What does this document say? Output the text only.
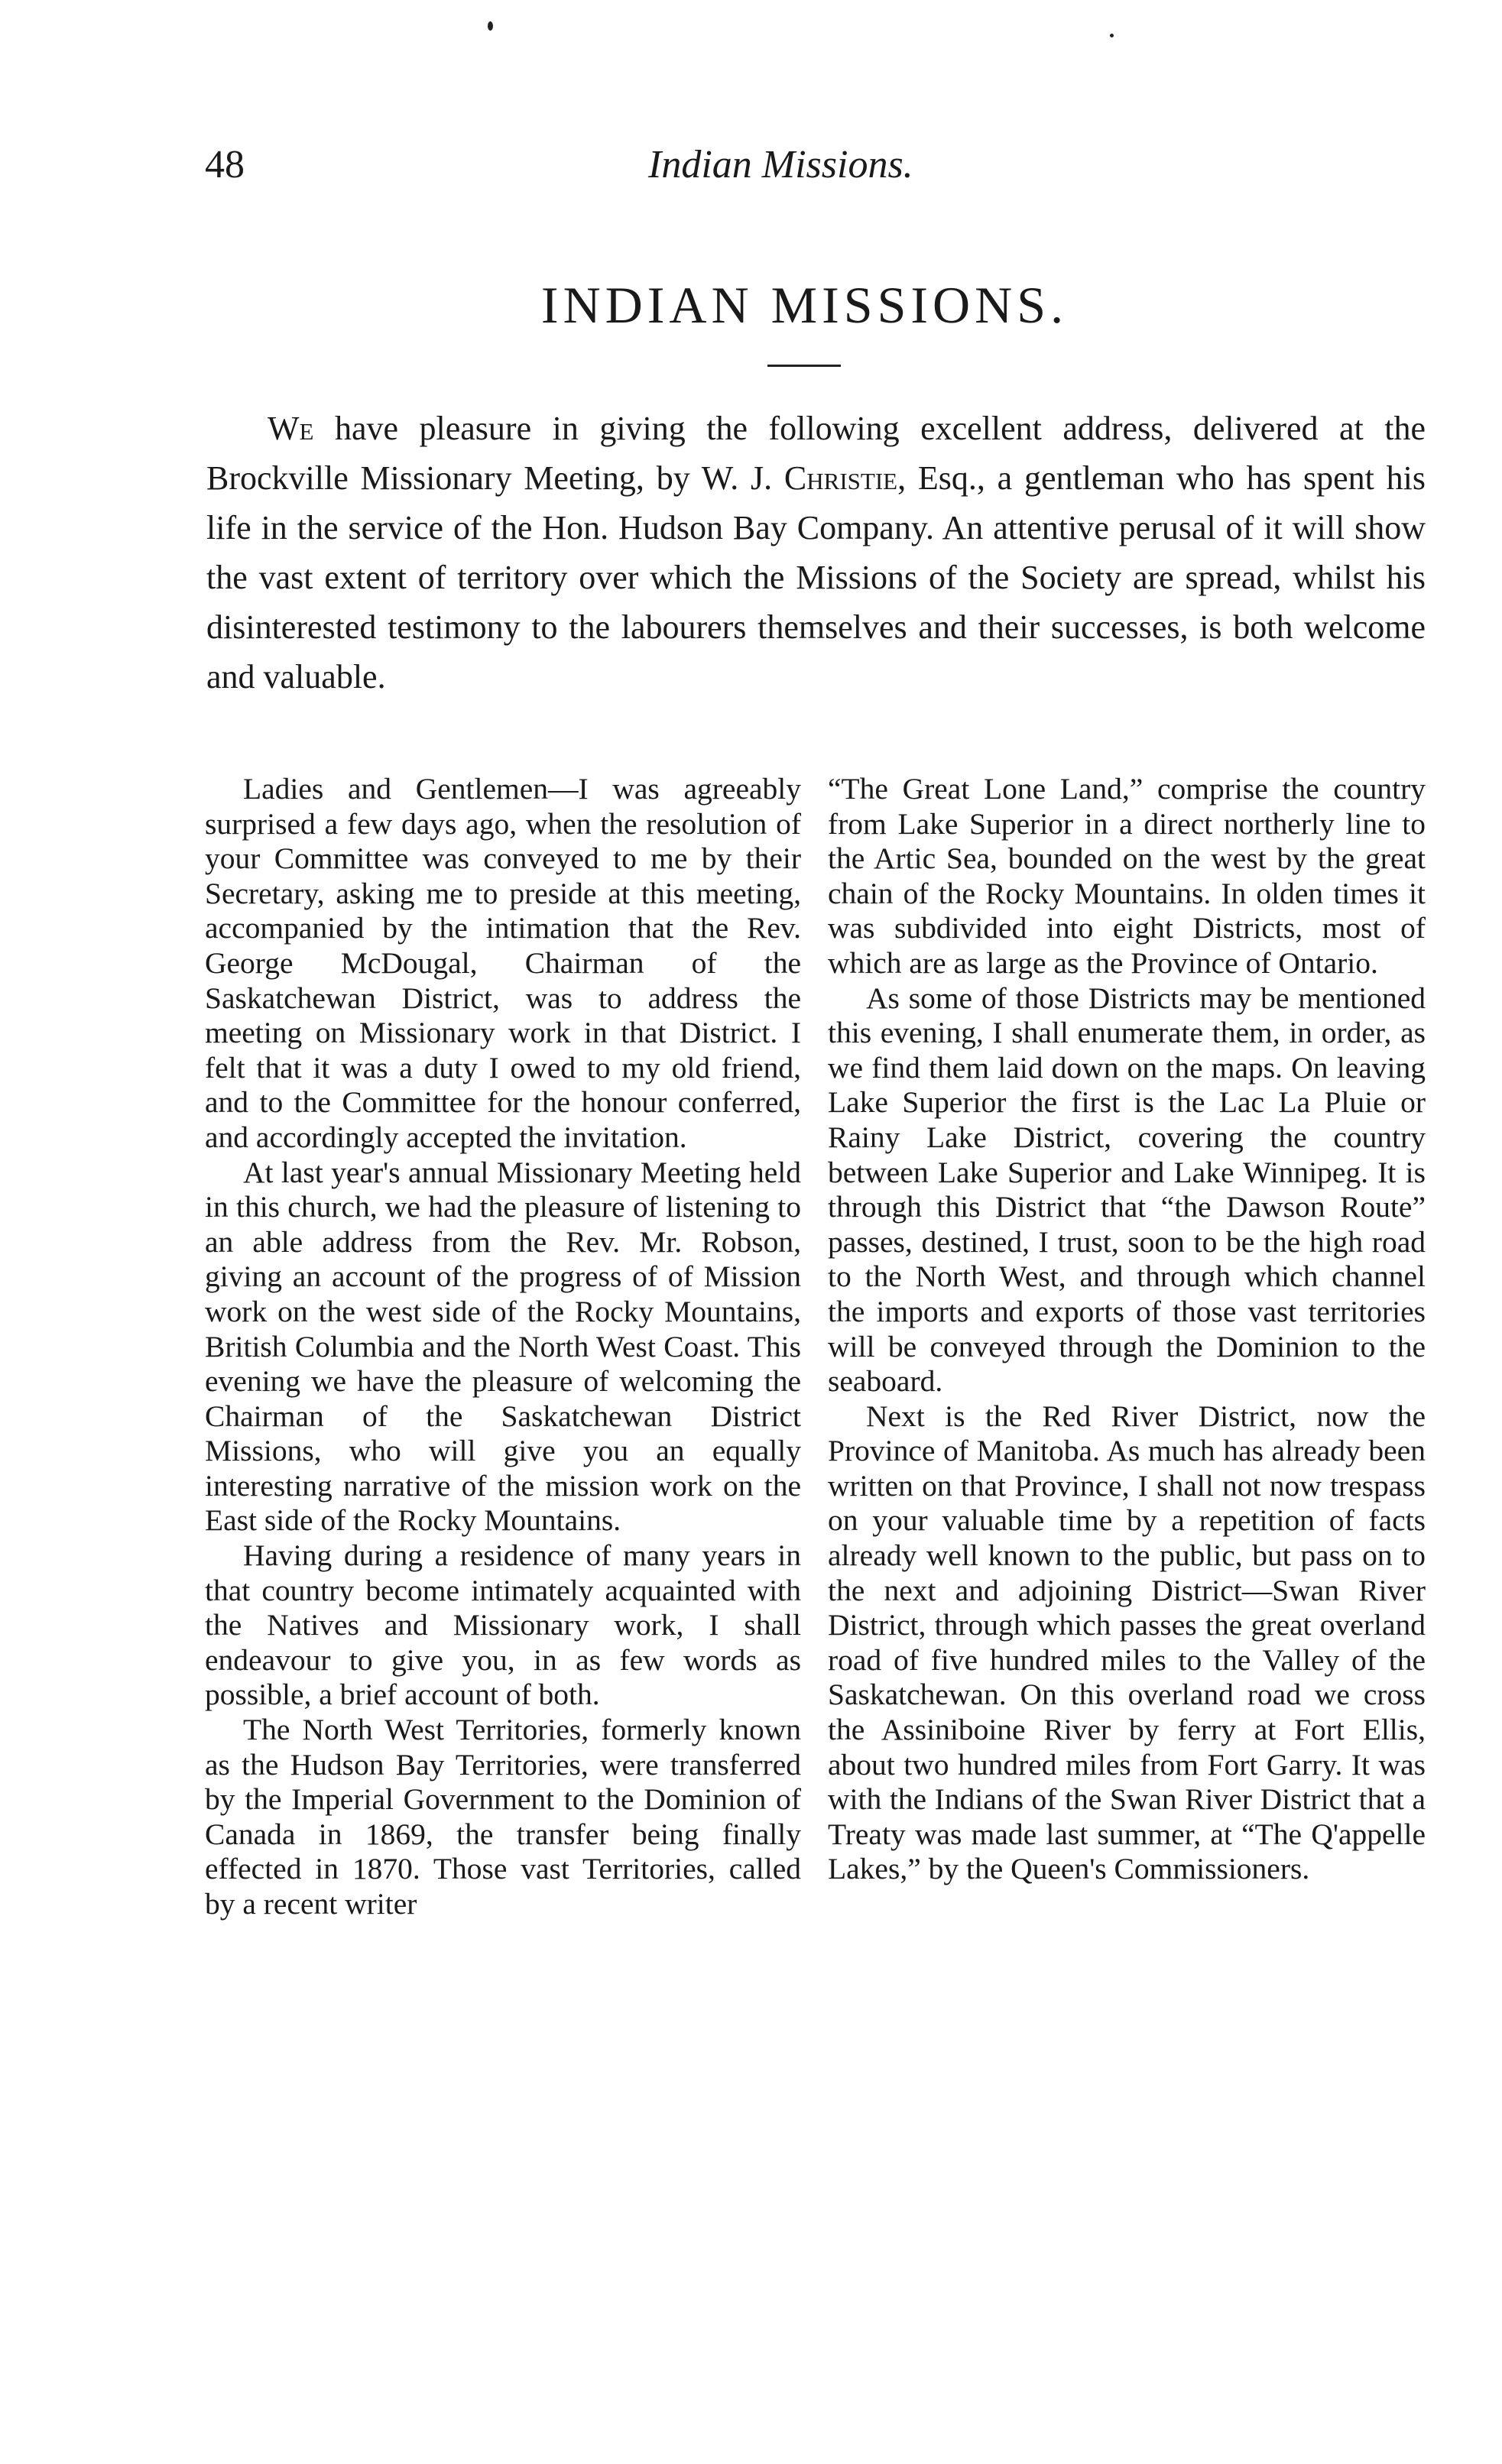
48	Indian Missions.
INDIAN MISSIONS.

We have pleasure in giving the following excellent address, delivered at the Brockville Missionary Meeting, by W. J. Christie, Esq., a gentleman who has spent his life in the service of the Hon. Hudson Bay Company. An attentive perusal of it will show the vast extent of territory over which the Missions of the Society are spread, whilst his disinterested testimony to the labourers themselves and their successes, is both welcome and valuable.

Ladies and Gentlemen—I was agreeably surprised a few days ago, when the resolution of your Committee was conveyed to me by their Secretary, asking me to preside at this meeting, accompanied by the intimation that the Rev. George McDougal, Chairman of the Saskatchewan District, was to address the meeting on Missionary work in that District. I felt that it was a duty I owed to my old friend, and to the Committee for the honour conferred, and accordingly accepted the invitation.

At last year's annual Missionary Meeting held in this church, we had the pleasure of listening to an able address from the Rev. Mr. Robson, giving an account of the progress of of Mission work on the west side of the Rocky Mountains, British Columbia and the North West Coast. This evening we have the pleasure of welcoming the Chairman of the Saskatchewan District Missions, who will give you an equally interesting narrative of the mission work on the East side of the Rocky Mountains.

Having during a residence of many years in that country become intimately acquainted with the Natives and Missionary work, I shall endeavour to give you, in as few words as possible, a brief account of both.

The North West Territories, formerly known as the Hudson Bay Territories, were transferred by the Imperial Government to the Dominion of Canada in 1869, the transfer being finally effected in 1870. Those vast Territories, called by a recent writer

“The Great Lone Land,” comprise the country from Lake Superior in a direct northerly line to the Artic Sea, bounded on the west by the great chain of the Rocky Mountains. In olden times it was subdivided into eight Districts, most of which are as large as the Province of Ontario.

As some of those Districts may be mentioned this evening, I shall enumerate them, in order, as we find them laid down on the maps. On leaving Lake Superior the first is the Lac La Pluie or Rainy Lake District, covering the country between Lake Superior and Lake Winnipeg. It is through this District that “the Dawson Route” passes, destined, I trust, soon to be the high road to the North West, and through which channel the imports and exports of those vast territories will be conveyed through the Dominion to the seaboard.

Next is the Red River District, now the Province of Manitoba. As much has already been written on that Province, I shall not now trespass on your valuable time by a repetition of facts already well known to the public, but pass on to the next and adjoining District—Swan River District, through which passes the great overland road of five hundred miles to the Valley of the Saskatchewan. On this overland road we cross the Assiniboine River by ferry at Fort Ellis, about two hundred miles from Fort Garry. It was with the Indians of the Swan River District that a Treaty was made last summer, at “The Q'appelle Lakes,” by the Queen's Commissioners.
